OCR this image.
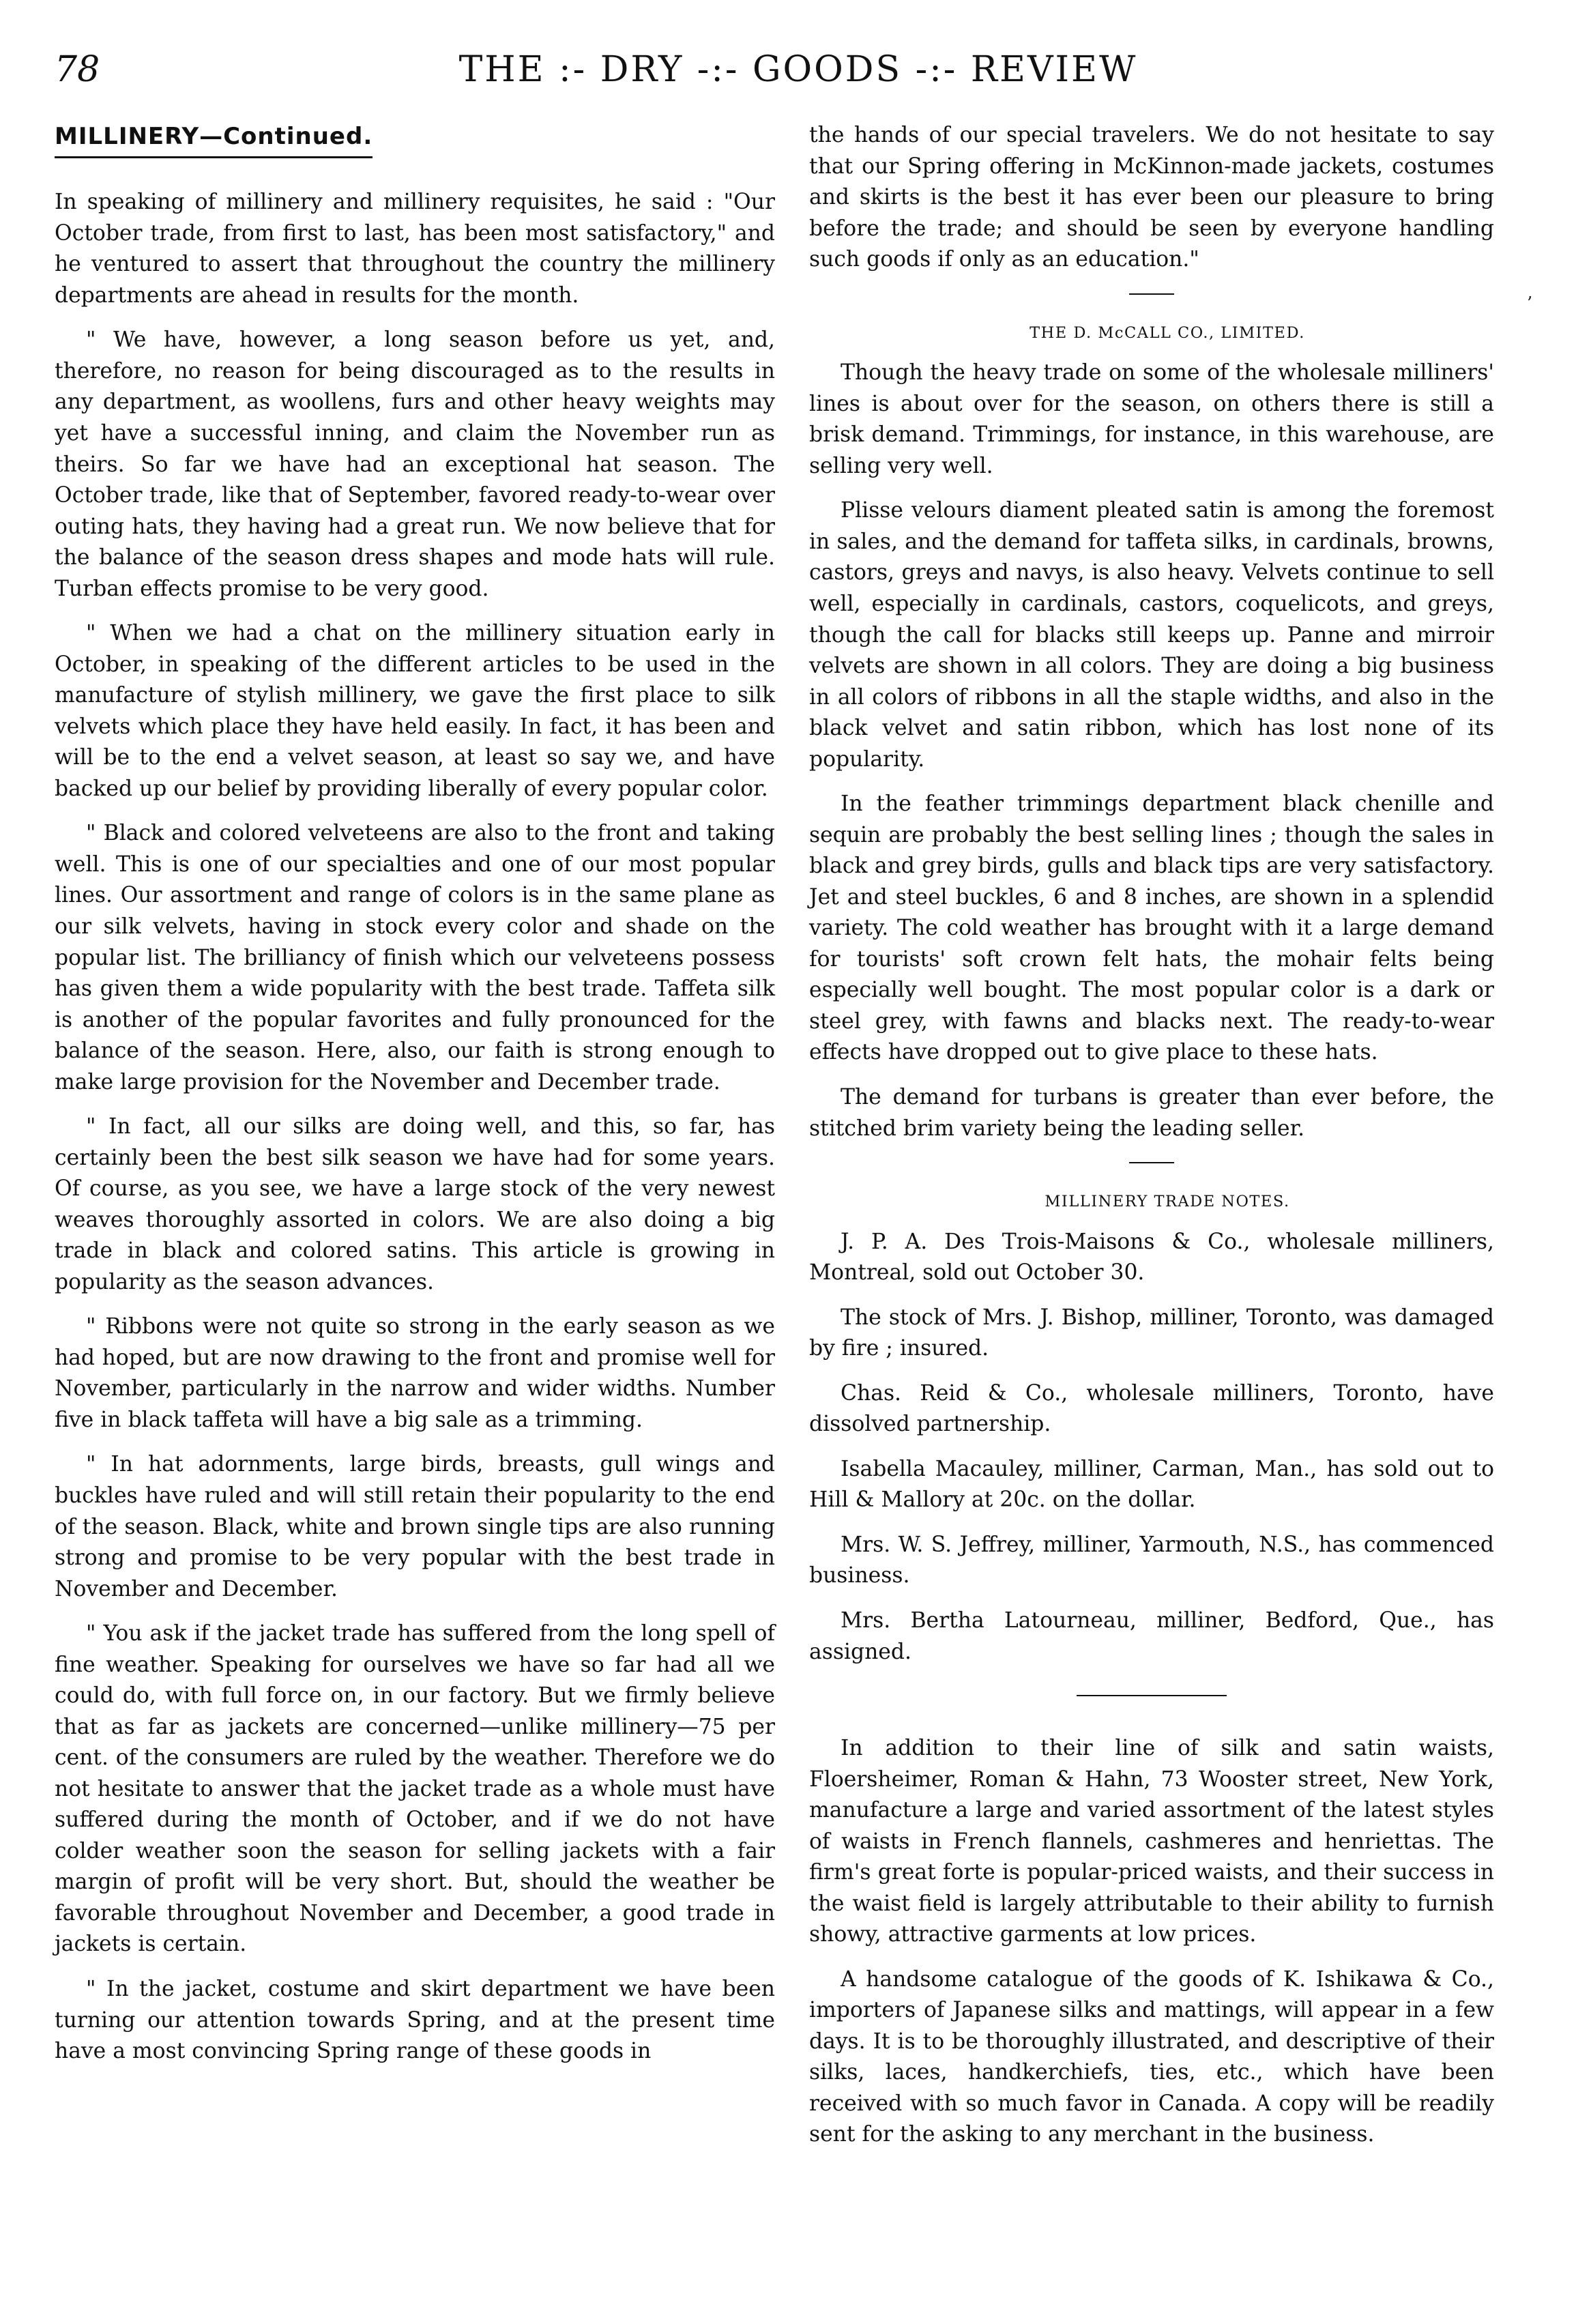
78	THE :- DRY -:- GOODS -:- REVIEW
MILLINERY—Continued.

In speaking of millinery and millinery requisites, he said : "Our October trade, from first to last, has been most satisfactory," and he ventured to assert that throughout the country the millinery departments are ahead in results for the month.

" We have, however, a long season before us yet, and, therefore, no reason for being discouraged as to the results in any department, as woollens, furs and other heavy weights may yet have a successful inning, and claim the November run as theirs. So far we have had an exceptional hat season. The October trade, like that of September, favored ready-to-wear over outing hats, they having had a great run. We now believe that for the balance of the season dress shapes and mode hats will rule. Turban effects promise to be very good.

" When we had a chat on the millinery situation early in October, in speaking of the different articles to be used in the manufacture of stylish millinery, we gave the first place to silk velvets which place they have held easily. In fact, it has been and will be to the end a velvet season, at least so say we, and have backed up our belief by providing liberally of every popular color.

" Black and colored velveteens are also to the front and taking well. This is one of our specialties and one of our most popular lines. Our assortment and range of colors is in the same plane as our silk velvets, having in stock every color and shade on the popular list. The brilliancy of finish which our velveteens possess has given them a wide popularity with the best trade. Taffeta silk is another of the popular favorites and fully pronounced for the balance of the season. Here, also, our faith is strong enough to make large provision for the November and December trade.

" In fact, all our silks are doing well, and this, so far, has certainly been the best silk season we have had for some years. Of course, as you see, we have a large stock of the very newest weaves thoroughly assorted in colors. We are also doing a big trade in black and colored satins. This article is growing in popularity as the season advances.

" Ribbons were not quite so strong in the early season as we had hoped, but are now drawing to the front and promise well for November, particularly in the narrow and wider widths. Number five in black taffeta will have a big sale as a trimming.

" In hat adornments, large birds, breasts, gull wings and buckles have ruled and will still retain their popularity to the end of the season. Black, white and brown single tips are also running strong and promise to be very popular with the best trade in November and December.

" You ask if the jacket trade has suffered from the long spell of fine weather. Speaking for ourselves we have so far had all we could do, with full force on, in our factory. But we firmly believe that as far as jackets are concerned—unlike millinery—75 per cent. of the consumers are ruled by the weather. Therefore we do not hesitate to answer that the jacket trade as a whole must have suffered during the month of October, and if we do not have colder weather soon the season for selling jackets with a fair margin of profit will be very short. But, should the weather be favorable throughout November and December, a good trade in jackets is certain.

" In the jacket, costume and skirt department we have been turning our attention towards Spring, and at the present time have a most convincing Spring range of these goods in

the hands of our special travelers. We do not hesitate to say that our Spring offering in McKinnon-made jackets, costumes and skirts is the best it has ever been our pleasure to bring before the trade; and should be seen by everyone handling such goods if only as an education."

THE D. McCALL CO., LIMITED.

Though the heavy trade on some of the wholesale milliners' lines is about over for the season, on others there is still a brisk demand. Trimmings, for instance, in this warehouse, are selling very well.

Plisse velours diament pleated satin is among the foremost in sales, and the demand for taffeta silks, in cardinals, browns, castors, greys and navys, is also heavy. Velvets continue to sell well, especially in cardinals, castors, coquelicots, and greys, though the call for blacks still keeps up. Panne and mirroir velvets are shown in all colors. They are doing a big business in all colors of ribbons in all the staple widths, and also in the black velvet and satin ribbon, which has lost none of its popularity.

In the feather trimmings department black chenille and sequin are probably the best selling lines ; though the sales in black and grey birds, gulls and black tips are very satisfactory. Jet and steel buckles, 6 and 8 inches, are shown in a splendid variety. The cold weather has brought with it a large demand for tourists' soft crown felt hats, the mohair felts being especially well bought. The most popular color is a dark or steel grey, with fawns and blacks next. The ready-to-wear effects have dropped out to give place to these hats.

The demand for turbans is greater than ever before, the stitched brim variety being the leading seller.

MILLINERY TRADE NOTES.

J. P. A. Des Trois-Maisons & Co., wholesale milliners, Montreal, sold out October 30.

The stock of Mrs. J. Bishop, milliner, Toronto, was damaged by fire ; insured.

Chas. Reid & Co., wholesale milliners, Toronto, have dissolved partnership.

Isabella Macauley, milliner, Carman, Man., has sold out to Hill & Mallory at 20c. on the dollar.

Mrs. W. S. Jeffrey, milliner, Yarmouth, N.S., has commenced business.

Mrs. Bertha Latourneau, milliner, Bedford, Que., has assigned.

In addition to their line of silk and satin waists, Floersheimer, Roman & Hahn, 73 Wooster street, New York, manufacture a large and varied assortment of the latest styles of waists in French flannels, cashmeres and henriettas. The firm's great forte is popular-priced waists, and their success in the waist field is largely attributable to their ability to furnish showy, attractive garments at low prices.

A handsome catalogue of the goods of K. Ishikawa & Co., importers of Japanese silks and mattings, will appear in a few days. It is to be thoroughly illustrated, and descriptive of their silks, laces, handkerchiefs, ties, etc., which have been received with so much favor in Canada. A copy will be readily sent for the asking to any merchant in the business.

’
